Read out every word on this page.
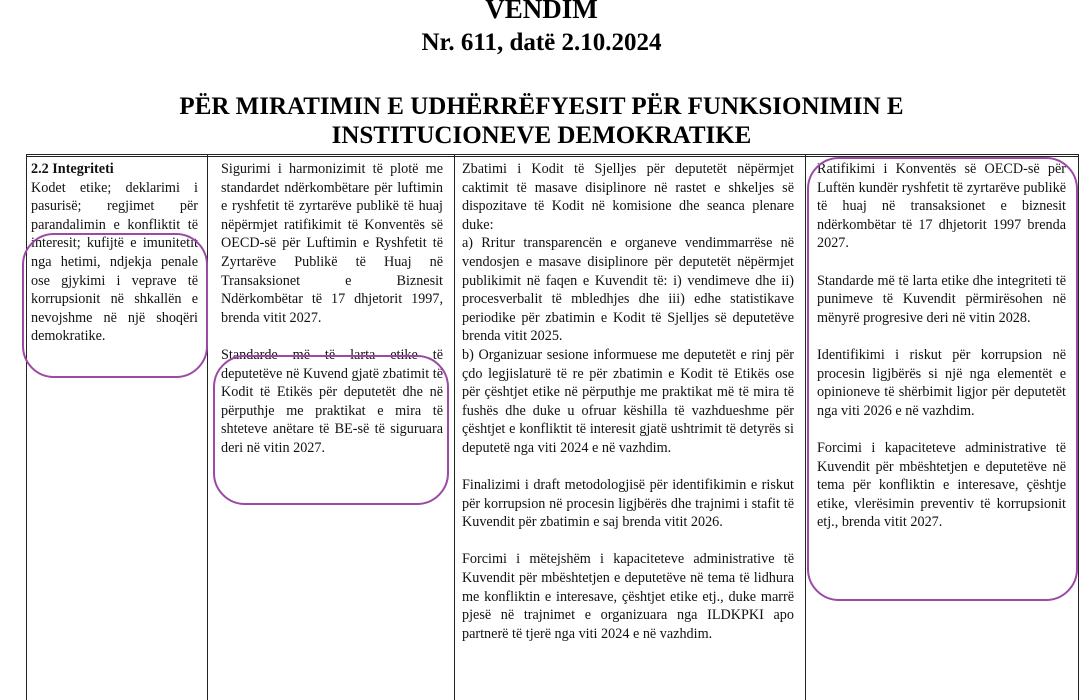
VENDIM
Nr. 611, datë 2.10.2024
PËR MIRATIMIN E UDHËRRËFYESIT PËR FUNKSIONIMIN E
INSTITUCIONEVE DEMOKRATIKE

2.2 Integriteti

Kodet etike; deklarimi i pasurisë; regjimet për parandalimin e konfliktit të interesit; kufijtë e imunitetit nga hetimi, ndjekja penale ose gjykimi i veprave të korrupsionit në shkallën e nevojshme në një shoqëri demokratike.

Sigurimi i harmonizimit të plotë me standardet ndërkombëtare për luftimin e ryshfetit të zyrtarëve publikë të huaj nëpërmjet ratifikimit të Konventës së OECD-së për Luftimin e Ryshfetit të Zyrtarëve Publikë të Huaj në Transaksionet e Biznesit Ndërkombëtar të 17 dhjetorit 1997, brenda vitit 2027.

Standarde më të larta etike të deputetëve në Kuvend gjatë zbatimit të Kodit të Etikës për deputetët dhe në përputhje me praktikat e mira të shteteve anëtare të BE-së të siguruara deri në vitin 2027.

Zbatimi i Kodit të Sjelljes për deputetët nëpërmjet caktimit të masave disiplinore në rastet e shkeljes së dispozitave të Kodit në komisione dhe seanca plenare duke:

a) Rritur transparencën e organeve vendimmarrëse në vendosjen e masave disiplinore për deputetët nëpërmjet publikimit në faqen e Kuvendit të: i) vendimeve dhe ii) procesverbalit të mbledhjes dhe iii) edhe statistikave periodike për zbatimin e Kodit të Sjelljes së deputetëve brenda vitit 2025.

b) Organizuar sesione informuese me deputetët e rinj për çdo legjislaturë të re për zbatimin e Kodit të Etikës ose për çështjet etike në përputhje me praktikat më të mira të fushës dhe duke u ofruar këshilla të vazhdueshme për çështjet e konfliktit të interesit gjatë ushtrimit të detyrës si deputetë nga viti 2024 e në vazhdim.

Finalizimi i draft metodologjisë për identifikimin e riskut për korrupsion në procesin ligjbërës dhe trajnimi i stafit të Kuvendit për zbatimin e saj brenda vitit 2026.

Forcimi i mëtejshëm i kapaciteteve administrative të Kuvendit për mbështetjen e deputetëve në tema të lidhura me konfliktin e interesave, çështjet etike etj., duke marrë pjesë në trajnimet e organizuara nga ILDKPKI apo partnerë të tjerë nga viti 2024 e në vazhdim.

Ratifikimi i Konventës së OECD-së për Luftën kundër ryshfetit të zyrtarëve publikë të huaj në transaksionet e biznesit ndërkombëtar të 17 dhjetorit 1997 brenda 2027.

Standarde më të larta etike dhe integriteti të punimeve të Kuvendit përmirësohen në mënyrë progresive deri në vitin 2028.

Identifikimi i riskut për korrupsion në procesin ligjbërës si një nga elementët e opinioneve të shërbimit ligjor për deputetët nga viti 2026 e në vazhdim.

Forcimi i kapaciteteve administrative të Kuvendit për mbështetjen e deputetëve në tema për konfliktin e interesave, çështje etike, vlerësimin preventiv të korrupsionit etj., brenda vitit 2027.
